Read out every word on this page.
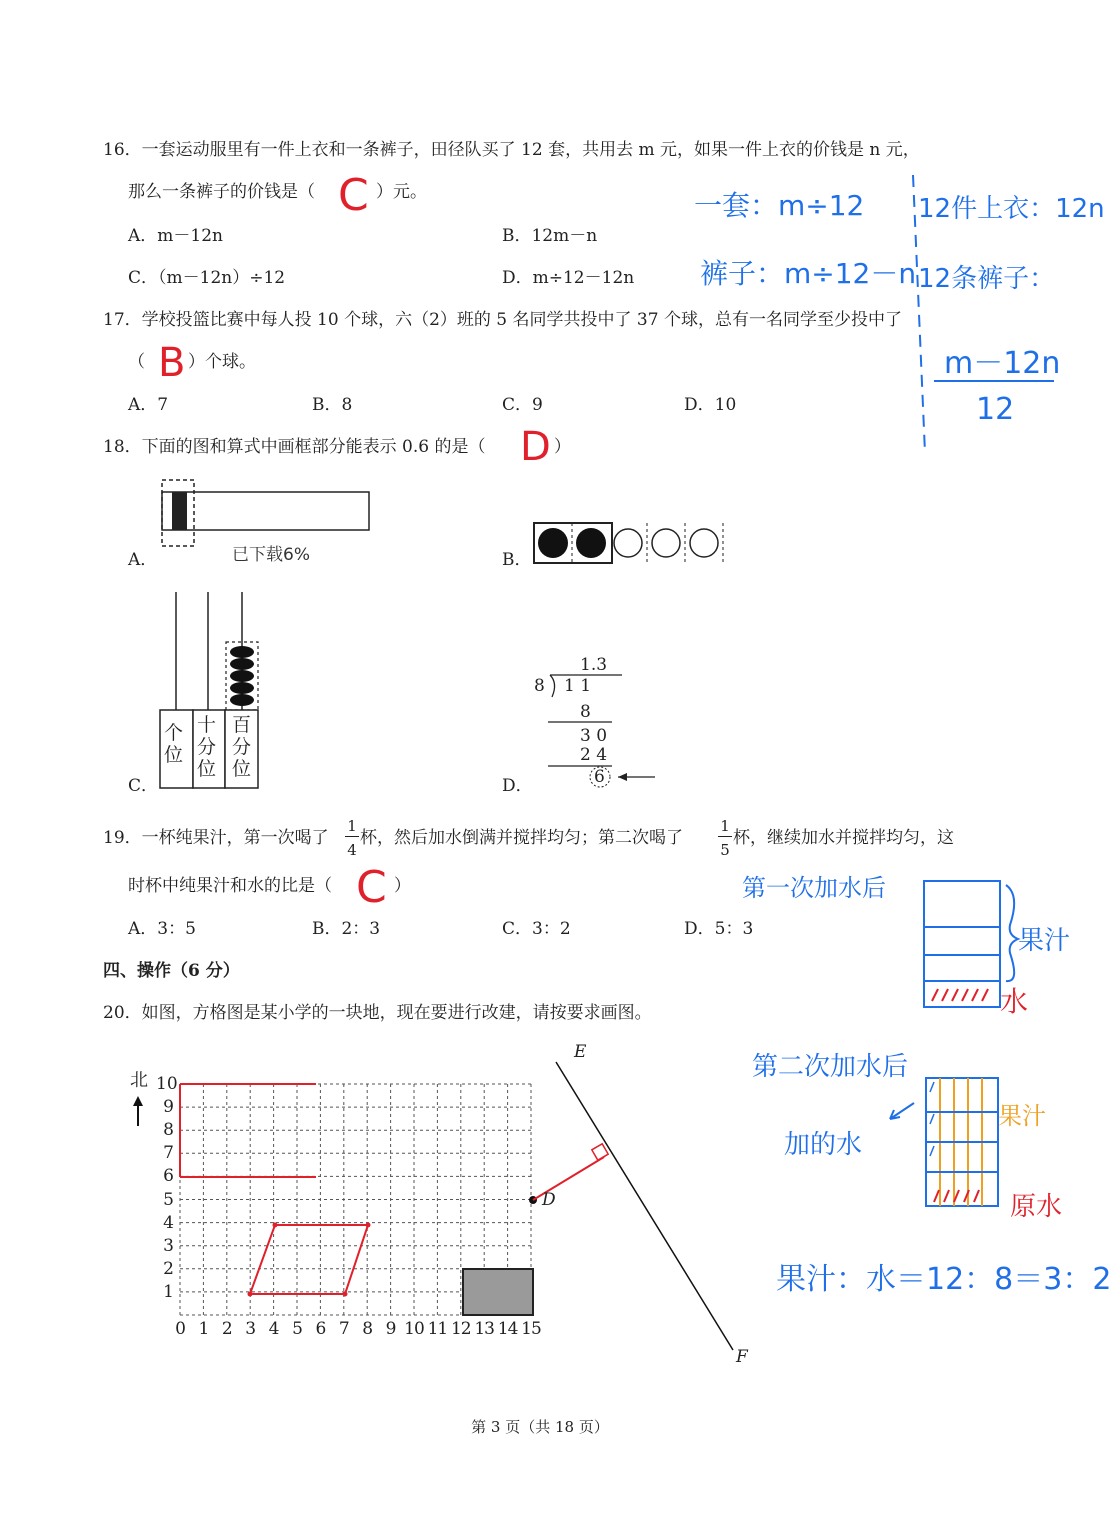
16．一套运动服里有一件上衣和一条裤子，田径队买了 12 套，共用去 m 元，如果一件上衣的价钱是 n 元，
那么一条裤子的价钱是（ C ）元。
A．m－12n	B．12m－n
C．（m－12n）÷12	D．m÷12－12n
17．学校投篮比赛中每人投 10 个球，六（2）班的 5 名同学共投中了 37 个球，总有一名同学至少投中了
（ B ）个球。
A．7	B．8	C．9	D．10
18．下面的图和算式中画框部分能表示 0.6 的是（ D ）
A．	已下载6%	B．
C．
个位
十分位
百分位
D．
1.3
8 1 1
8
3 0
2 4
6
19．一杯纯果汁，第一次喝了
1
4
杯，然后加水倒满并搅拌均匀；第二次喝了
1
5
杯，继续加水并搅拌均匀，这
时杯中纯果汁和水的比是（ C ）
A．3：5	B．2：3	C．3：2	D．5：3
四、操作（6 分）
20．如图，方格图是某小学的一块地，现在要进行改建，请按要求画图。
北
D
E
F
1
2
3
4
5
6
7
8
9
10
0 1 2 3 4 5 6 7 8 9 10 11 12 13 14 15
一套：m÷12
裤子：m÷12－n
12件上衣：12n
12条裤子：
m－12n
12
第一次加水后
果汁
水
第二次加水后
加的水
果汁
原水
果汁：水＝12：8＝3：2
第 3 页（共 18 页）
